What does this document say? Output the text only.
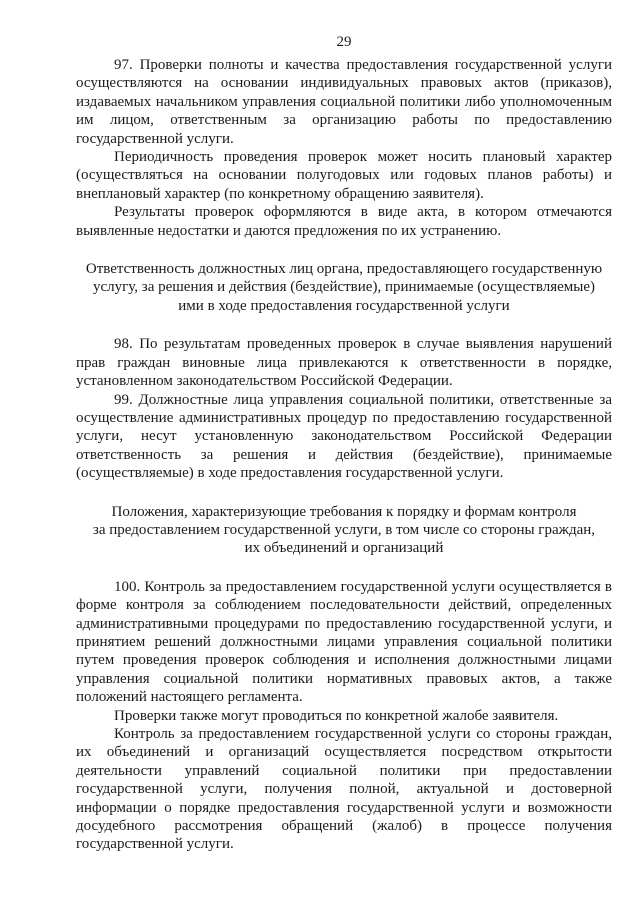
29

97. Проверки полноты и качества предоставления государственной услуги осуществляются на основании индивидуальных правовых актов (приказов), издаваемых начальником управления социальной политики либо уполномоченным им лицом, ответственным за организацию работы по предоставлению государственной услуги.

Периодичность проведения проверок может носить плановый характер (осуществляться на основании полугодовых или годовых планов работы) и внеплановый характер (по конкретному обращению заявителя).

Результаты проверок оформляются в виде акта, в котором отмечаются выявленные недостатки и даются предложения по их устранению.

Ответственность должностных лиц органа, предоставляющего государственную
услугу, за решения и действия (бездействие), принимаемые (осуществляемые)
ими в ходе предоставления государственной услуги

98. По результатам проведенных проверок в случае выявления нарушений прав граждан виновные лица привлекаются к ответственности в порядке, установленном законодательством Российской Федерации.

99. Должностные лица управления социальной политики, ответственные за осуществление административных процедур по предоставлению государственной услуги, несут установленную законодательством Российской Федерации ответственность за решения и действия (бездействие), принимаемые (осуществляемые) в ходе предоставления государственной услуги.

Положения, характеризующие требования к порядку и формам контроля
за предоставлением государственной услуги, в том числе со стороны граждан,
их объединений и организаций

100. Контроль за предоставлением государственной услуги осуществляется в форме контроля за соблюдением последовательности действий, определенных административными процедурами по предоставлению государственной услуги, и принятием решений должностными лицами управления социальной политики путем проведения проверок соблюдения и исполнения должностными лицами управления социальной политики нормативных правовых актов, а также положений настоящего регламента.

Проверки также могут проводиться по конкретной жалобе заявителя.

Контроль за предоставлением государственной услуги со стороны граждан, их объединений и организаций осуществляется посредством открытости деятельности управлений социальной политики при предоставлении государственной услуги, получения полной, актуальной и достоверной информации о порядке предоставления государственной услуги и возможности досудебного рассмотрения обращений (жалоб) в процессе получения государственной услуги.
